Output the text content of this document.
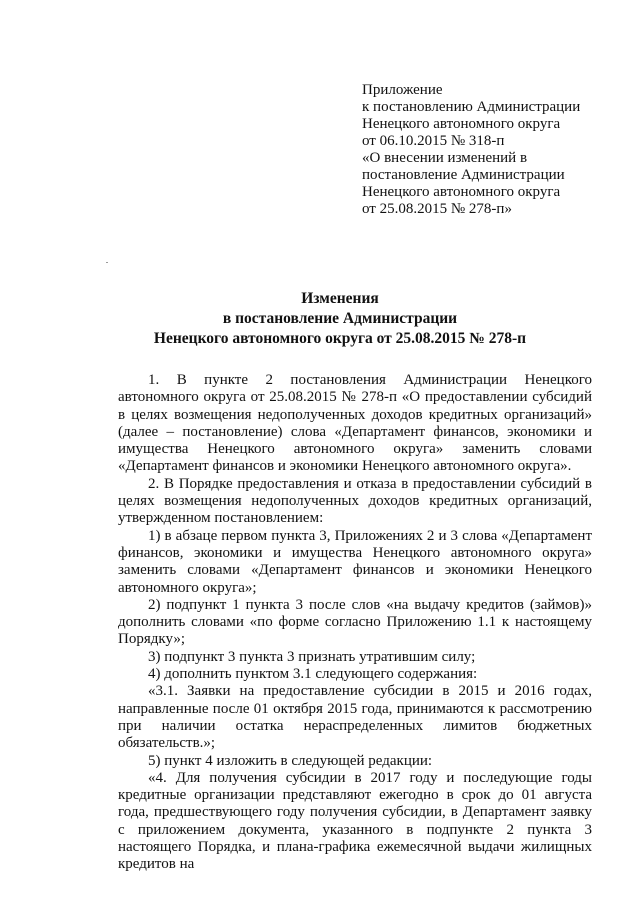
Приложение
к постановлению Администрации
Ненецкого автономного округа
от 06.10.2015 № 318-п
«О внесении изменений в
постановление Администрации
Ненецкого автономного округа
от 25.08.2015 № 278-п»
Изменения
в постановление Администрации
Ненецкого автономного округа от 25.08.2015 № 278-п

1. В пункте 2 постановления Администрации Ненецкого автономного округа от 25.08.2015 № 278-п «О предоставлении субсидий в целях возмещения недополученных доходов кредитных организаций» (далее – постановление) слова «Департамент финансов, экономики и имущества Ненецкого автономного округа» заменить словами «Департамент финансов и экономики Ненецкого автономного округа».

2. В Порядке предоставления и отказа в предоставлении субсидий в целях возмещения недополученных доходов кредитных организаций, утвержденном постановлением:

1) в абзаце первом пункта 3, Приложениях 2 и 3 слова «Департамент финансов, экономики и имущества Ненецкого автономного округа» заменить словами «Департамент финансов и экономики Ненецкого автономного округа»;

2) подпункт 1 пункта 3 после слов «на выдачу кредитов (займов)» дополнить словами «по форме согласно Приложению 1.1 к настоящему Порядку»;

3) подпункт 3 пункта 3 признать утратившим силу;

4) дополнить пунктом 3.1 следующего содержания:

«3.1. Заявки на предоставление субсидии в 2015 и 2016 годах, направленные после 01 октября 2015 года, принимаются к рассмотрению при наличии остатка нераспределенных лимитов бюджетных обязательств.»;

5) пункт 4 изложить в следующей редакции:

«4. Для получения субсидии в 2017 году и последующие годы кредитные организации представляют ежегодно в срок до 01 августа года, предшествующего году получения субсидии, в Департамент заявку с приложением документа, указанного в подпункте 2 пункта 3 настоящего Порядка, и плана-графика ежемесячной выдачи жилищных кредитов на
